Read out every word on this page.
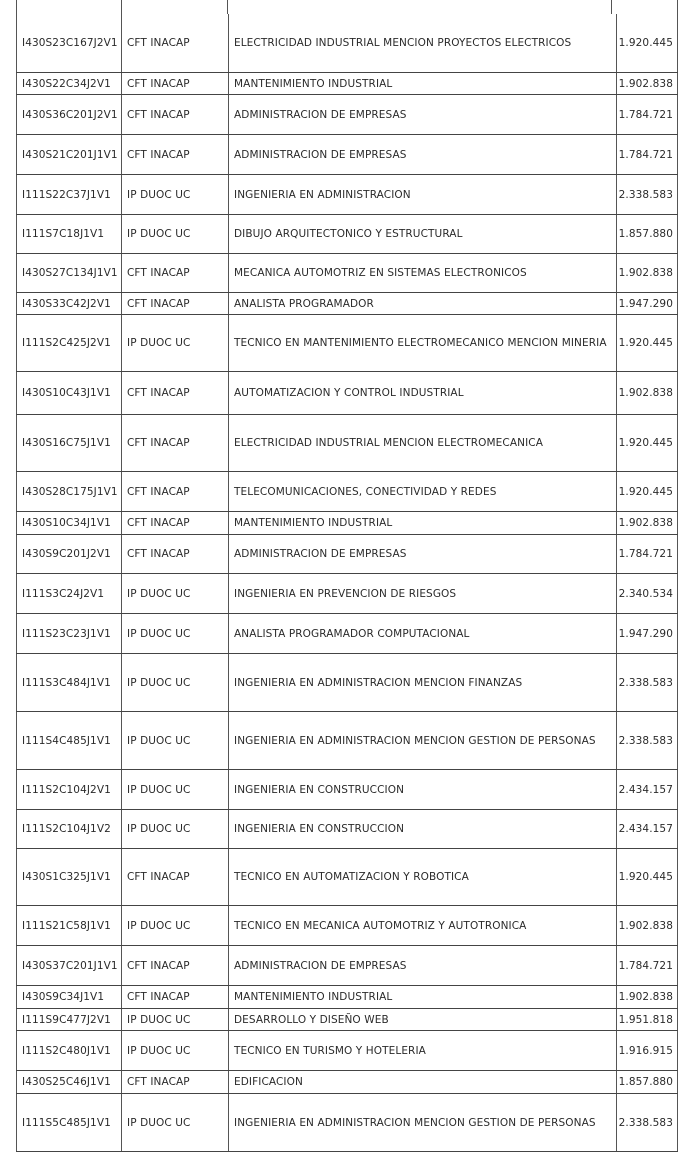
I430S23C167J2V1 CFT INACAP	ELECTRICIDAD INDUSTRIAL MENCION PROYECTOS ELECTRICOS	1.920.445
I430S22C34J2V1 CFT INACAP	MANTENIMIENTO INDUSTRIAL	1.902.838
I430S36C201J2V1 CFT INACAP	ADMINISTRACION DE EMPRESAS	1.784.721
I430S21C201J1V1 CFT INACAP	ADMINISTRACION DE EMPRESAS	1.784.721
I111S22C37J1V1 IP DUOC UC	INGENIERIA EN ADMINISTRACION	2.338.583
I111S7C18J1V1 IP DUOC UC	DIBUJO ARQUITECTONICO Y ESTRUCTURAL	1.857.880
I430S27C134J1V1 CFT INACAP	MECANICA AUTOMOTRIZ EN SISTEMAS ELECTRONICOS	1.902.838
I430S33C42J2V1 CFT INACAP	ANALISTA PROGRAMADOR	1.947.290
I111S2C425J2V1 IP DUOC UC	TECNICO EN MANTENIMIENTO ELECTROMECANICO MENCION MINERIA 1.920.445
I430S10C43J1V1 CFT INACAP	AUTOMATIZACION Y CONTROL INDUSTRIAL	1.902.838
I430S16C75J1V1 CFT INACAP	ELECTRICIDAD INDUSTRIAL MENCION ELECTROMECANICA	1.920.445
I430S28C175J1V1 CFT INACAP	TELECOMUNICACIONES, CONECTIVIDAD Y REDES	1.920.445
I430S10C34J1V1 CFT INACAP	MANTENIMIENTO INDUSTRIAL	1.902.838
I430S9C201J2V1 CFT INACAP	ADMINISTRACION DE EMPRESAS	1.784.721
I111S3C24J2V1 IP DUOC UC	INGENIERIA EN PREVENCION DE RIESGOS	2.340.534
I111S23C23J1V1 IP DUOC UC	ANALISTA PROGRAMADOR COMPUTACIONAL	1.947.290
I111S3C484J1V1 IP DUOC UC	INGENIERIA EN ADMINISTRACION MENCION FINANZAS	2.338.583
I111S4C485J1V1 IP DUOC UC	INGENIERIA EN ADMINISTRACION MENCION GESTION DE PERSONAS 2.338.583
I111S2C104J2V1 IP DUOC UC	INGENIERIA EN CONSTRUCCION	2.434.157
I111S2C104J1V2 IP DUOC UC	INGENIERIA EN CONSTRUCCION	2.434.157
I430S1C325J1V1 CFT INACAP	TECNICO EN AUTOMATIZACION Y ROBOTICA	1.920.445
I111S21C58J1V1 IP DUOC UC	TECNICO EN MECANICA AUTOMOTRIZ Y AUTOTRONICA	1.902.838
I430S37C201J1V1 CFT INACAP	ADMINISTRACION DE EMPRESAS	1.784.721
I430S9C34J1V1 CFT INACAP	MANTENIMIENTO INDUSTRIAL	1.902.838
I111S9C477J2V1 IP DUOC UC	DESARROLLO Y DISEÑO WEB	1.951.818
I111S2C480J1V1 IP DUOC UC	TECNICO EN TURISMO Y HOTELERIA	1.916.915
I430S25C46J1V1 CFT INACAP	EDIFICACION	1.857.880
I111S5C485J1V1 IP DUOC UC	INGENIERIA EN ADMINISTRACION MENCION GESTION DE PERSONAS 2.338.583
